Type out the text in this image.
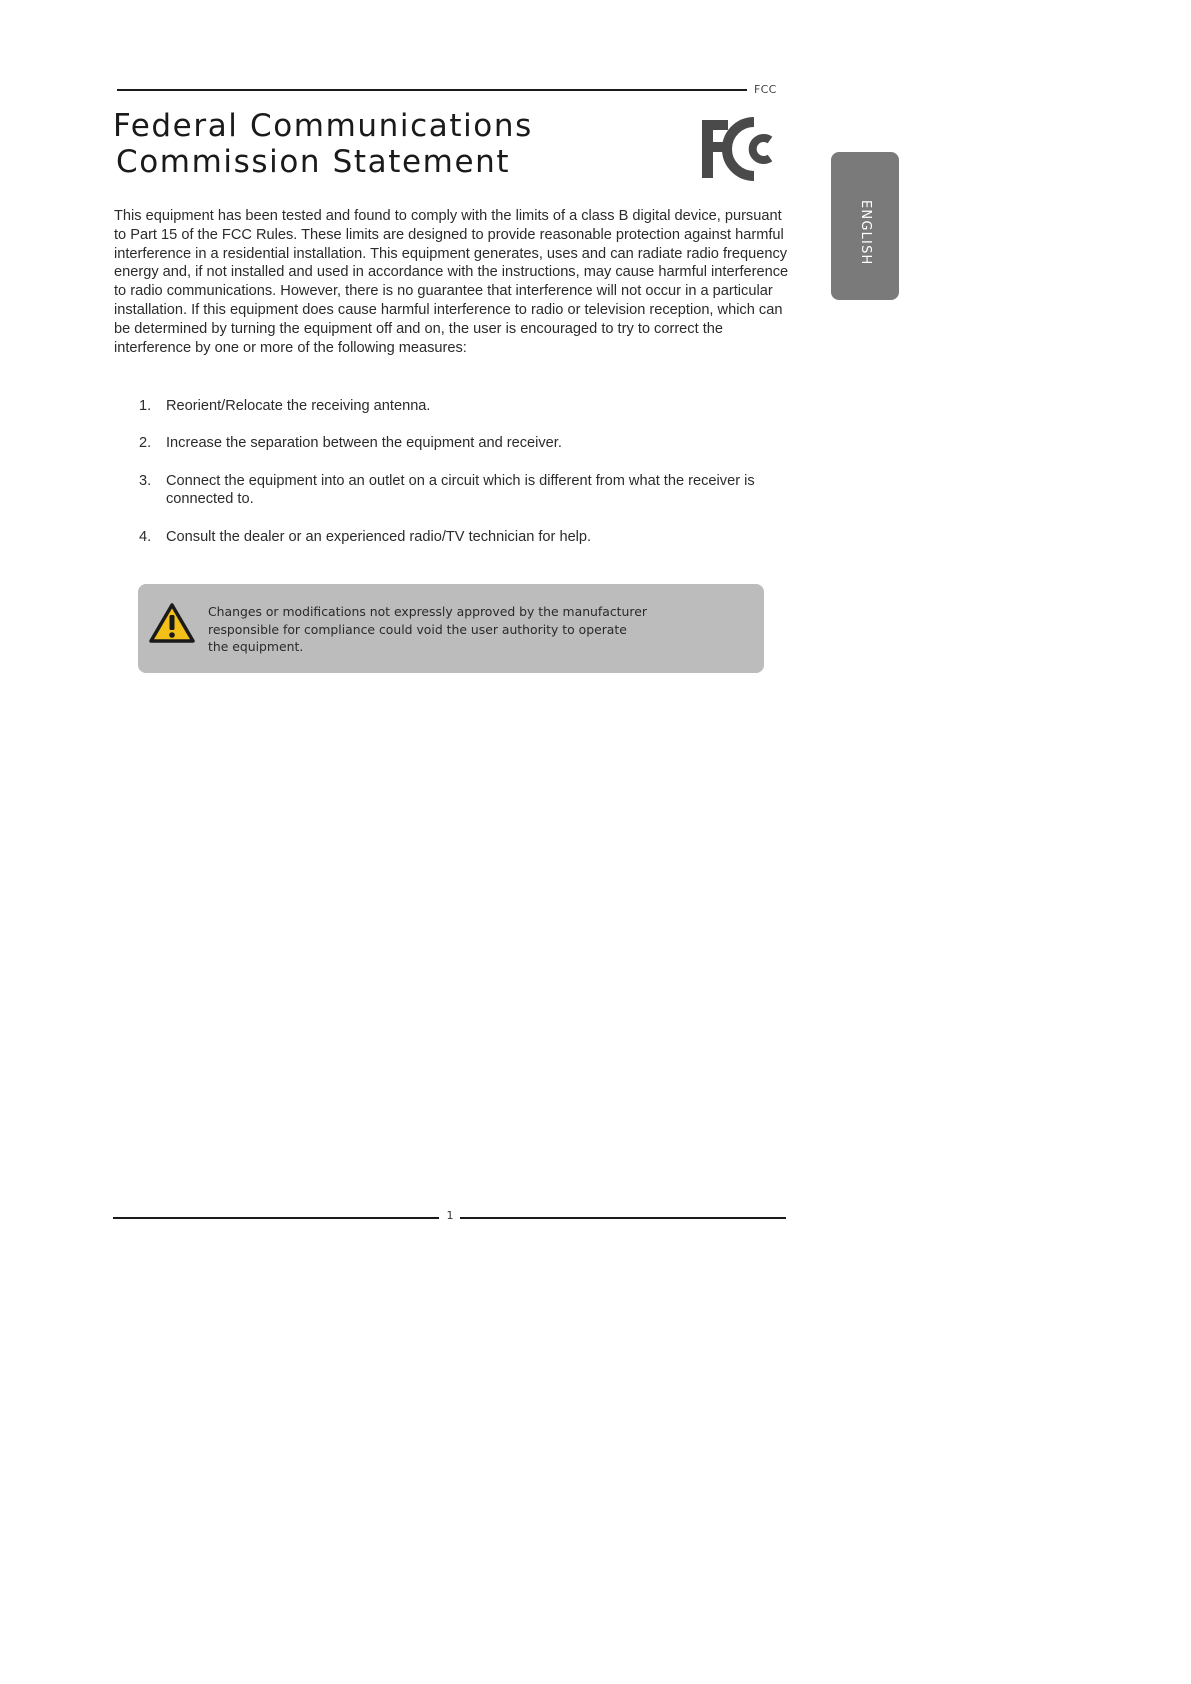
FCC
Federal Communications
Commission Statement
ENGLISH

This equipment has been tested and found to comply with the limits of a class B digital device, pursuant to Part 15 of the FCC Rules. These limits are designed to provide reasonable protection against harmful interference in a residential installation. This equipment generates, uses and can radiate radio frequency energy and, if not installed and used in accordance with the instructions, may cause harmful interference to radio communications. However, there is no guarantee that interference will not occur in a particular installation. If this equipment does cause harmful interference to radio or television reception, which can be determined by turning the equipment off and on, the user is encouraged to try to correct the interference by one or more of the following measures:

1. Reorient/Relocate the receiving antenna.
2. Increase the separation between the equipment and receiver.
3. Connect the equipment into an outlet on a circuit which is different from what the receiver is connected to.
4. Consult the dealer or an experienced radio/TV technician for help.

Changes or modifications not expressly approved by the manufacturer responsible for compliance could void the user authority to operate the equipment.

1
